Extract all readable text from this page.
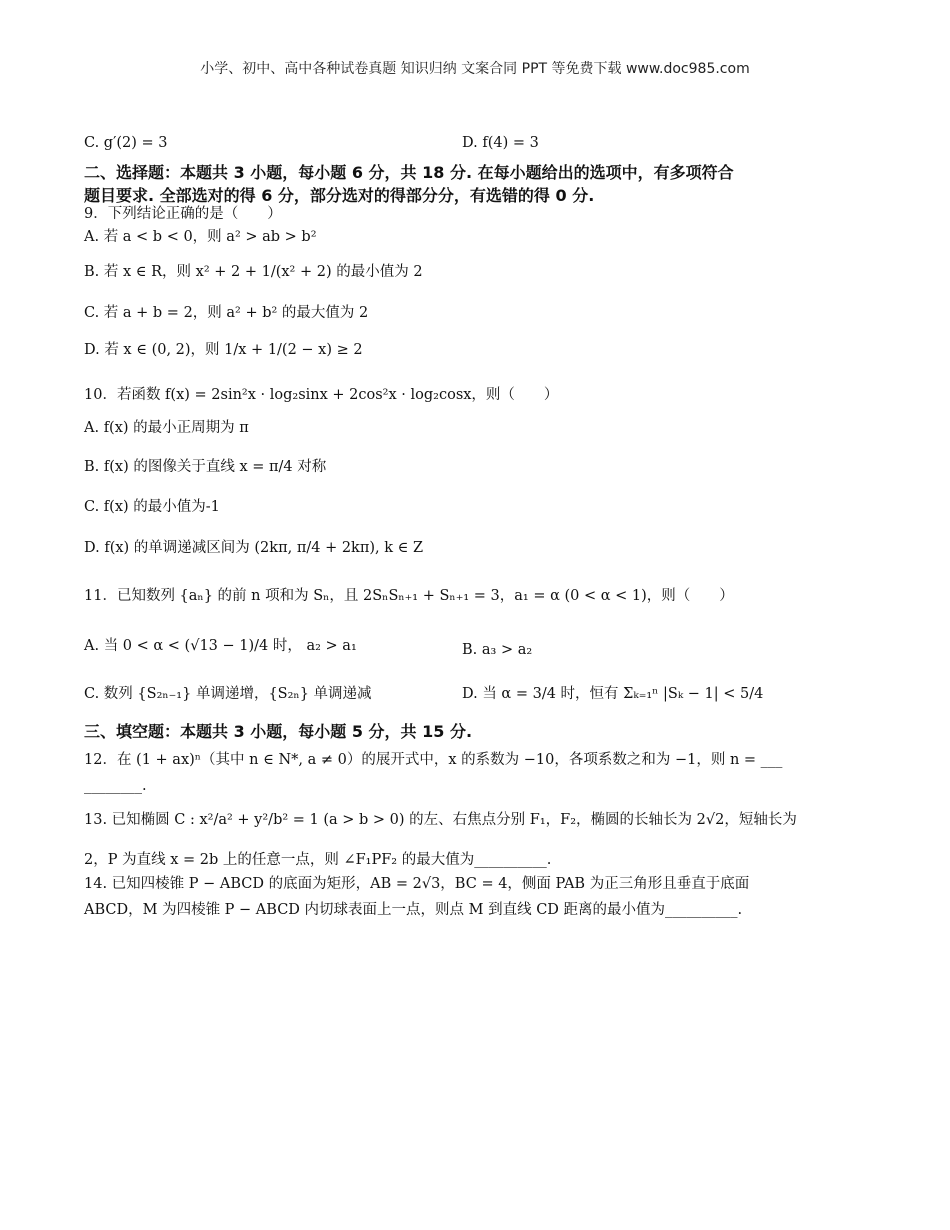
小学、初中、高中各种试卷真题 知识归纳 文案合同 PPT 等免费下载 www.doc985.com
C. g′(2) = 3	D. f(4) = 3
二、选择题：本题共 3 小题，每小题 6 分，共 18 分. 在每小题给出的选项中，有多项符合
题目要求. 全部选对的得 6 分，部分选对的得部分分，有选错的得 0 分.
9．下列结论正确的是（　　）
A. 若 a < b < 0，则 a² > ab > b²
B. 若 x ∈ R，则 x² + 2 + 1/(x² + 2) 的最小值为 2
C. 若 a + b = 2，则 a² + b² 的最大值为 2
D. 若 x ∈ (0, 2)，则 1/x + 1/(2 − x) ≥ 2
10．若函数 f(x) = 2sin²x · log₂sinx + 2cos²x · log₂cosx，则（　　）
A. f(x) 的最小正周期为 π
B. f(x) 的图像关于直线 x = π/4 对称
C. f(x) 的最小值为-1
D. f(x) 的单调递减区间为 (2kπ, π/4 + 2kπ), k ∈ Z
11．已知数列 {aₙ} 的前 n 项和为 Sₙ，且 2SₙSₙ₊₁ + Sₙ₊₁ = 3，a₁ = α (0 < α < 1)，则（　　）
A. 当 0 < α < (√13 − 1)/4 时， a₂ > a₁	B. a₃ > a₂
C. 数列 {S₂ₙ₋₁} 单调递增，{S₂ₙ} 单调递减	D. 当 α = 3/4 时，恒有 Σₖ₌₁ⁿ |Sₖ − 1| < 5/4
三、填空题：本题共 3 小题，每小题 5 分，共 15 分.
12．在 (1 + ax)ⁿ（其中 n ∈ N*, a ≠ 0）的展开式中，x 的系数为 −10，各项系数之和为 −1，则 n = ___
________.
13. 已知椭圆 C : x²/a² + y²/b² = 1 (a > b > 0) 的左、右焦点分别 F₁，F₂，椭圆的长轴长为 2√2，短轴长为
2，P 为直线 x = 2b 上的任意一点，则 ∠F₁PF₂ 的最大值为__________.
14. 已知四棱锥 P − ABCD 的底面为矩形，AB = 2√3，BC = 4，侧面 PAB 为正三角形且垂直于底面
ABCD，M 为四棱锥 P − ABCD 内切球表面上一点，则点 M 到直线 CD 距离的最小值为__________.
